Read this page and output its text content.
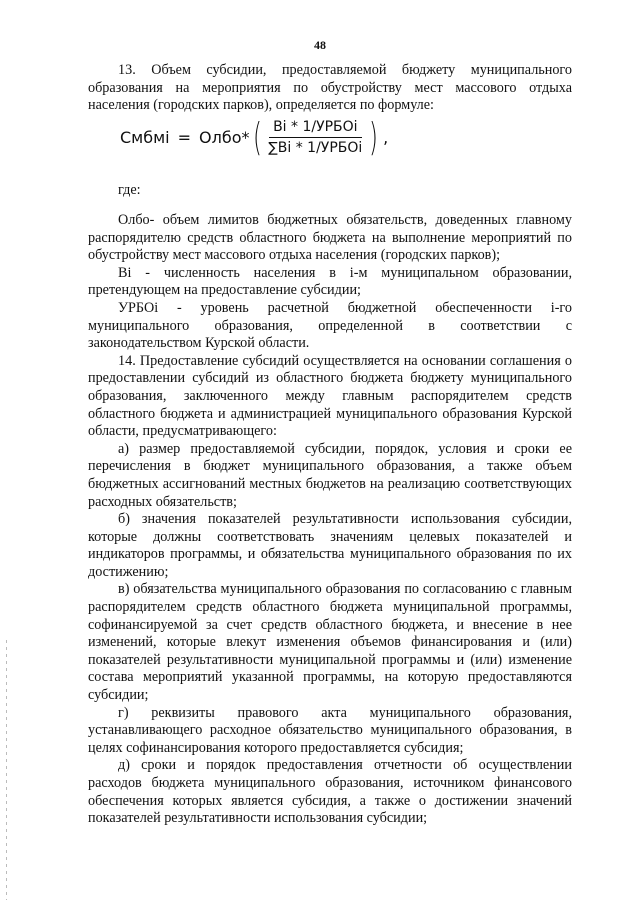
48

13. Объем субсидии, предоставляемой бюджету муниципального образования на мероприятия по обустройству мест массового отдыха населения (городских парков), определяется по формуле:

Смбмi = Олбо * ( $\frac{\text{Bi * 1/УРБОi}}{\text{∑Bi * 1/УРБОi}}$ ) ,
где:

Олбо- объем лимитов бюджетных обязательств, доведенных главному распорядителю средств областного бюджета на выполнение мероприятий по обустройству мест массового отдыха населения (городских парков);

Вi - численность населения в i-м муниципальном образовании, претендующем на предоставление субсидии;

УРБОi - уровень расчетной бюджетной обеспеченности i-го муниципального образования, определенной в соответствии с законодательством Курской области.

14. Предоставление субсидий осуществляется на основании соглашения о предоставлении субсидий из областного бюджета бюджету муниципального образования, заключенного между главным распорядителем средств областного бюджета и администрацией муниципального образования Курской области, предусматривающего:

а) размер предоставляемой субсидии, порядок, условия и сроки ее перечисления в бюджет муниципального образования, а также объем бюджетных ассигнований местных бюджетов на реализацию соответствующих расходных обязательств;

б) значения показателей результативности использования субсидии, которые должны соответствовать значениям целевых показателей и индикаторов программы, и обязательства муниципального образования по их достижению;

в) обязательства муниципального образования по согласованию с главным распорядителем средств областного бюджета муниципальной программы, софинансируемой за счет средств областного бюджета, и внесение в нее изменений, которые влекут изменения объемов финансирования и (или) показателей результативности муниципальной программы и (или) изменение состава мероприятий указанной программы, на которую предоставляются субсидии;

г) реквизиты правового акта муниципального образования, устанавливающего расходное обязательство муниципального образования, в целях софинансирования которого предоставляется субсидия;

д) сроки и порядок предоставления отчетности об осуществлении расходов бюджета муниципального образования, источником финансового обеспечения которых является субсидия, а также о достижении значений показателей результативности использования субсидии;
